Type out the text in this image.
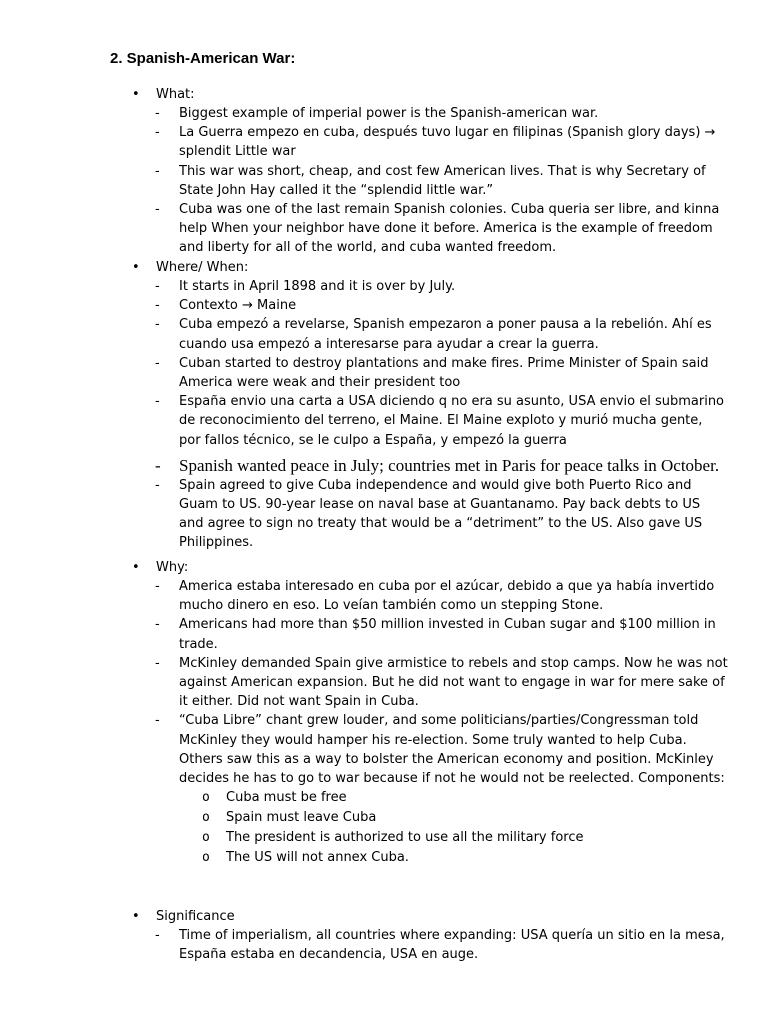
2. Spanish-American War:
• What:
- Biggest example of imperial power is the Spanish-american war.
- La Guerra empezo en cuba, después tuvo lugar en filipinas (Spanish glory days) → splendit Little war
- This war was short, cheap, and cost few American lives. That is why Secretary of State John Hay called it the “splendid little war.”
- Cuba was one of the last remain Spanish colonies. Cuba queria ser libre, and kinna help When your neighbor have done it before. America is the example of freedom and liberty for all of the world, and cuba wanted freedom.
• Where/ When:
- It starts in April 1898 and it is over by July.
- Contexto → Maine
- Cuba empezó a revelarse, Spanish empezaron a poner pausa a la rebelión. Ahí es cuando usa empezó a interesarse para ayudar a crear la guerra.
- Cuban started to destroy plantations and make fires. Prime Minister of Spain said America were weak and their president too
- España envio una carta a USA diciendo q no era su asunto, USA envio el submarino de reconocimiento del terreno, el Maine. El Maine exploto y murió mucha gente, por fallos técnico, se le culpo a España, y empezó la guerra
- Spanish wanted peace in July; countries met in Paris for peace talks in October.
- Spain agreed to give Cuba independence and would give both Puerto Rico and Guam to US. 90-year lease on naval base at Guantanamo. Pay back debts to US and agree to sign no treaty that would be a “detriment” to the US. Also gave US Philippines.
• Why:
- America estaba interesado en cuba por el azúcar, debido a que ya había invertido mucho dinero en eso. Lo veían también como un stepping Stone.
- Americans had more than $50 million invested in Cuban sugar and $100 million in trade.
- McKinley demanded Spain give armistice to rebels and stop camps. Now he was not against American expansion. But he did not want to engage in war for mere sake of it either. Did not want Spain in Cuba.
- “Cuba Libre” chant grew louder, and some politicians/parties/Congressman told McKinley they would hamper his re-election. Some truly wanted to help Cuba. Others saw this as a way to bolster the American economy and position. McKinley decides he has to go to war because if not he would not be reelected. Components:
o Cuba must be free
o Spain must leave Cuba
o The president is authorized to use all the military force
o The US will not annex Cuba.
• Significance
- Time of imperialism, all countries where expanding: USA quería un sitio en la mesa, España estaba en decandencia, USA en auge.
